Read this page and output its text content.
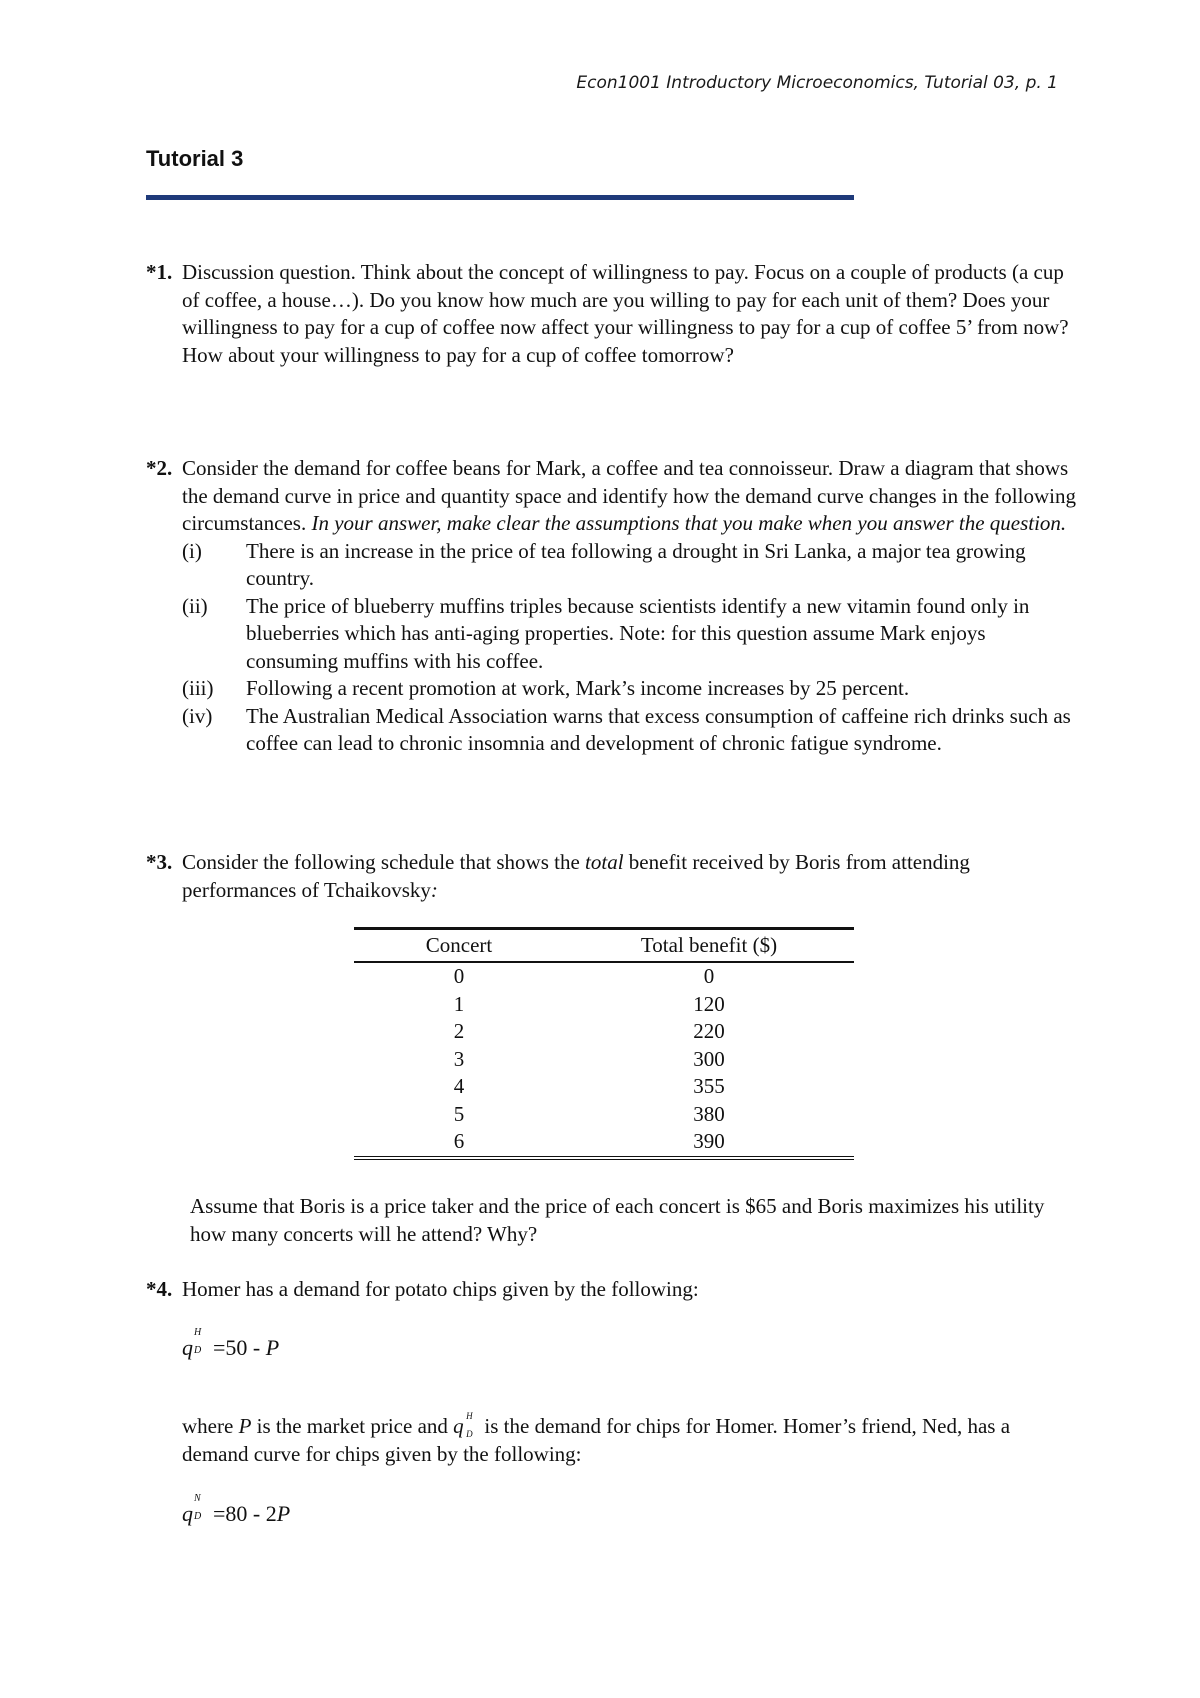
Econ1001 Introductory Microeconomics, Tutorial 03, p. 1
Tutorial 3
*1. Discussion question. Think about the concept of willingness to pay. Focus on a couple of products (a cup of coffee, a house…). Do you know how much are you willing to pay for each unit of them? Does your willingness to pay for a cup of coffee now affect your willingness to pay for a cup of coffee 5’ from now? How about your willingness to pay for a cup of coffee tomorrow?
*2. Consider the demand for coffee beans for Mark, a coffee and tea connoisseur. Draw a diagram that shows the demand curve in price and quantity space and identify how the demand curve changes in the following circumstances. In your answer, make clear the assumptions that you make when you answer the question.
(i) There is an increase in the price of tea following a drought in Sri Lanka, a major tea growing country.
(ii) The price of blueberry muffins triples because scientists identify a new vitamin found only in blueberries which has anti-aging properties. Note: for this question assume Mark enjoys consuming muffins with his coffee.
(iii) Following a recent promotion at work, Mark’s income increases by 25 percent.
(iv) The Australian Medical Association warns that excess consumption of caffeine rich drinks such as coffee can lead to chronic insomnia and development of chronic fatigue syndrome.
*3. Consider the following schedule that shows the total benefit received by Boris from attending performances of Tchaikovsky:
Concert	Total benefit ($)
0	0
1	120
2	220
3	300
4	355
5	380
6	390
Assume that Boris is a price taker and the price of each concert is $65 and Boris maximizes his utility how many concerts will he attend? Why?
*4. Homer has a demand for potato chips given by the following:
q
H
D =50 - P
where P is the market price and q H
D is the demand for chips for Homer. Homer’s friend, Ned, has a demand curve for chips given by the following:
q
N
D =80 - 2P
